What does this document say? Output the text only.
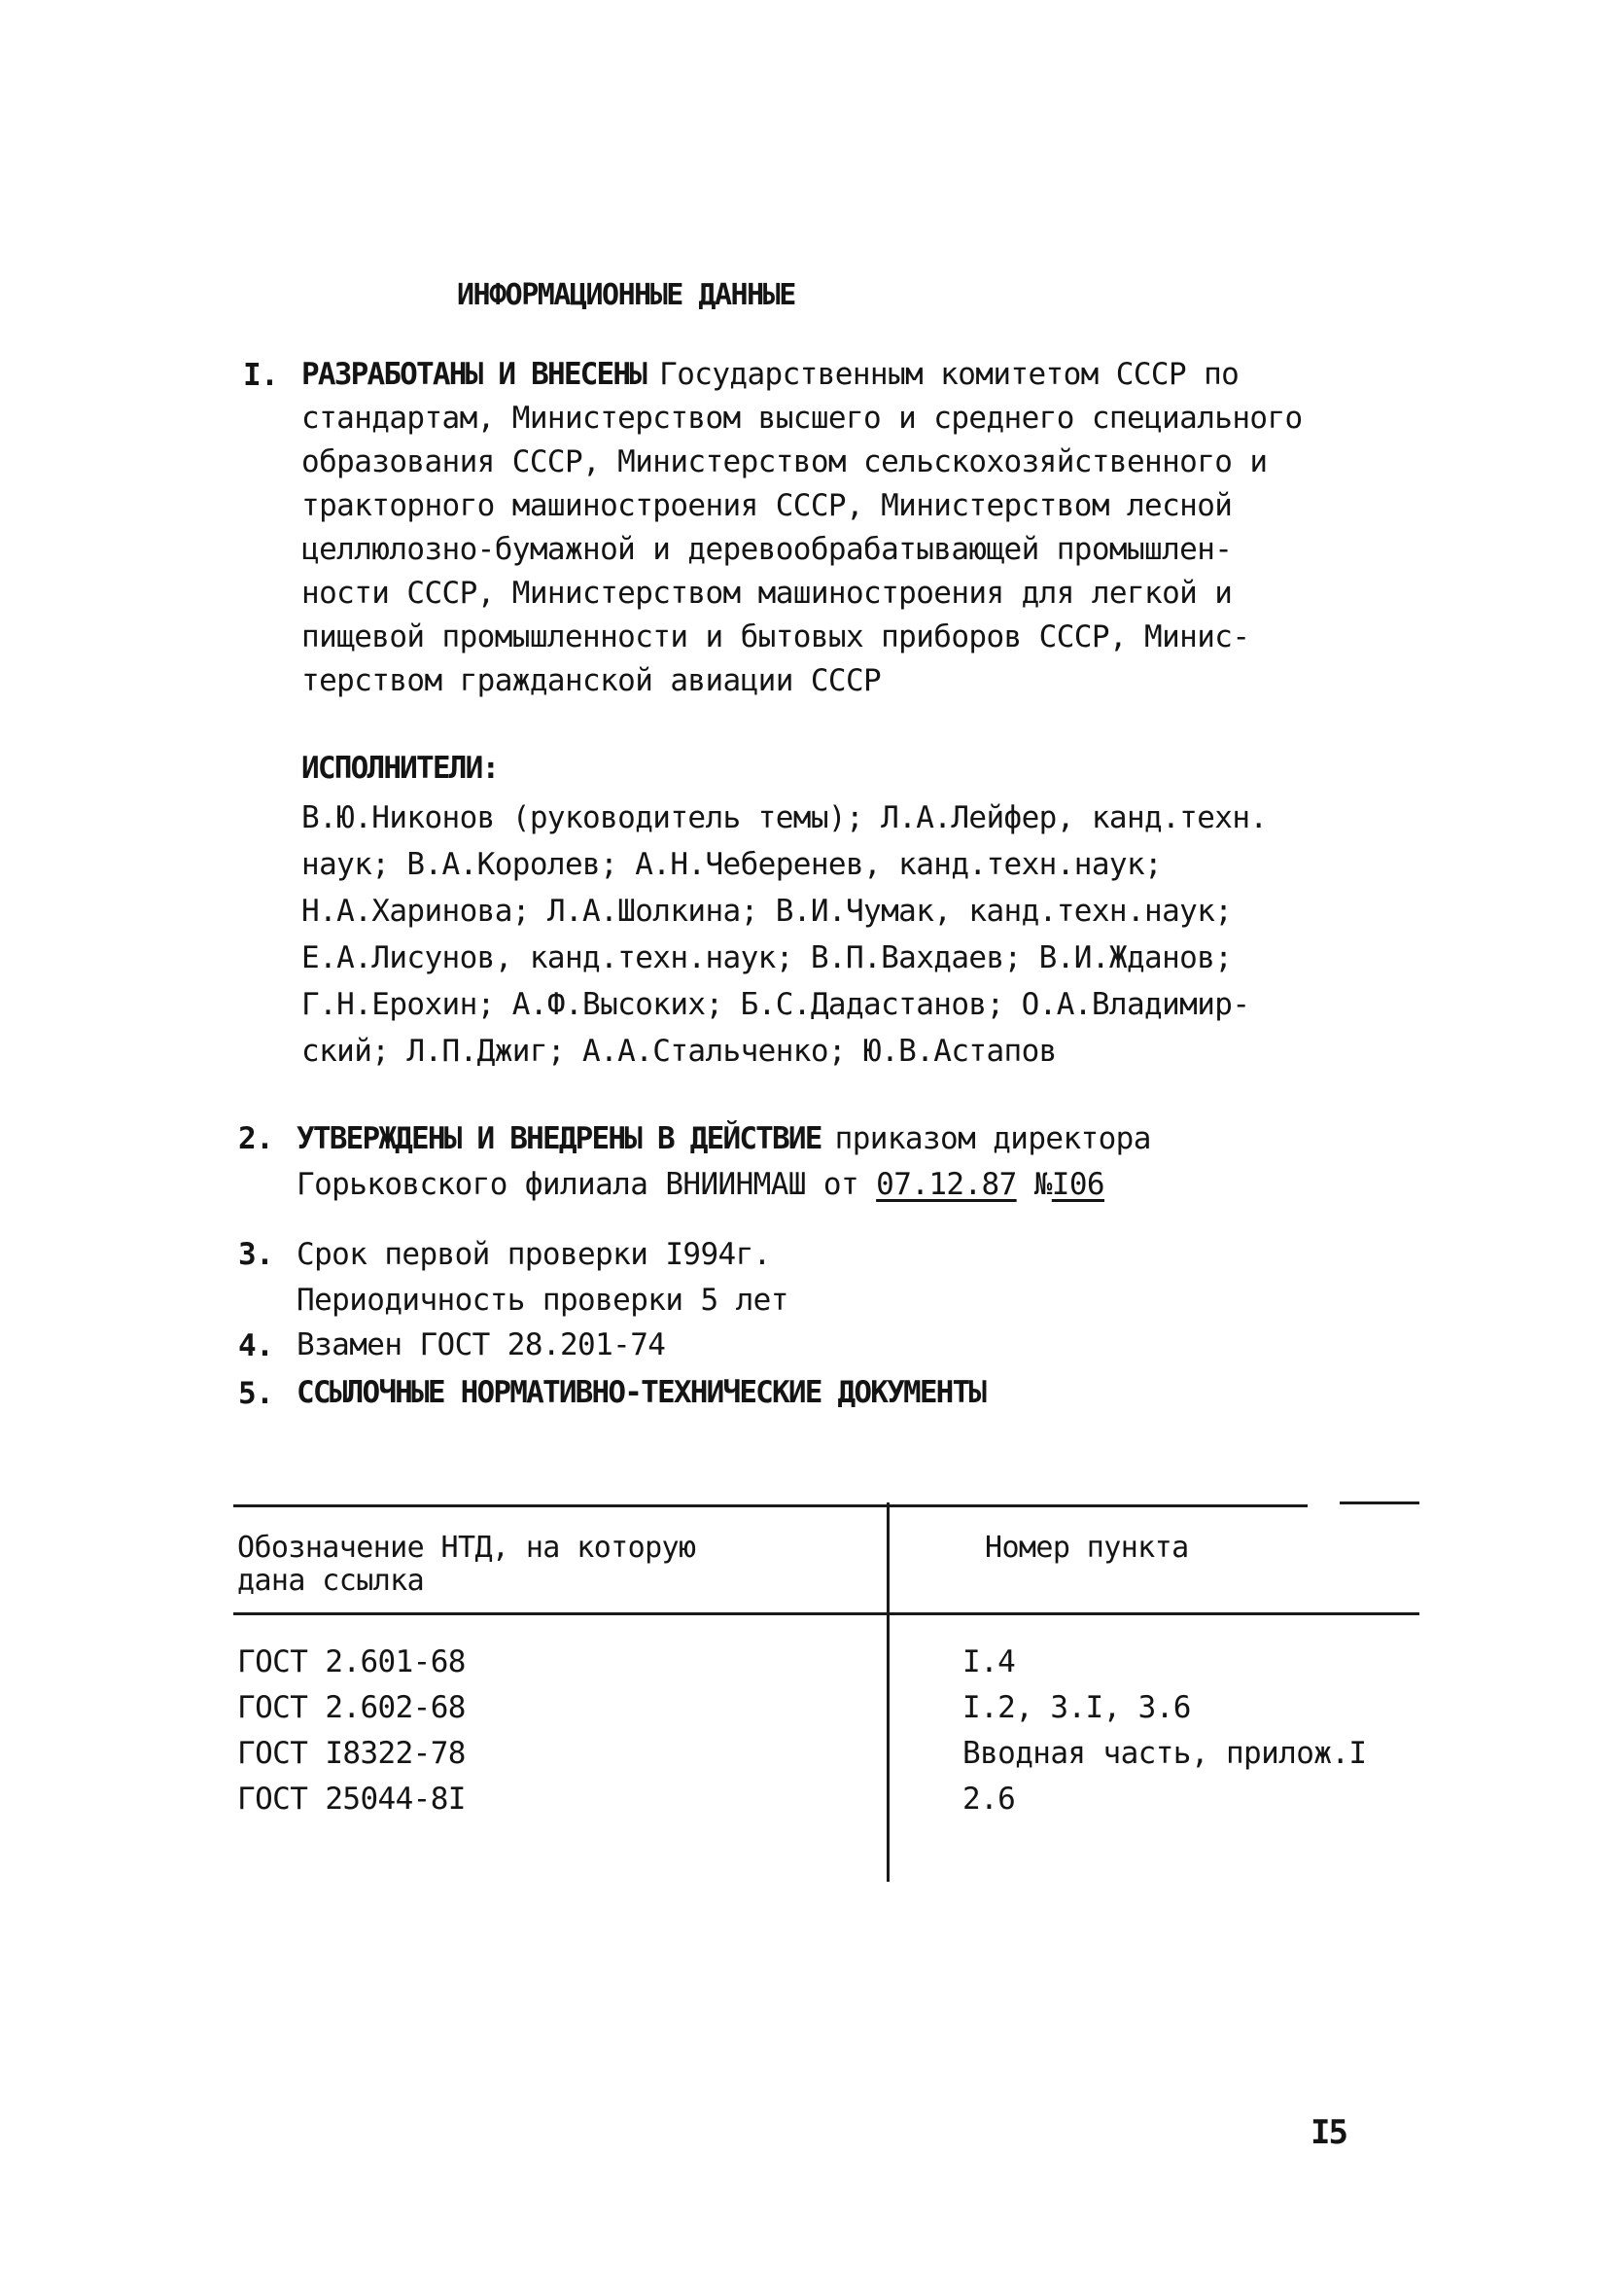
ИНФОРМАЦИОННЫЕ ДАННЫЕ
I. РАЗРАБОТАНЫ И ВНЕСЕНЫ Государственным комитетом СССР по
стандартам, Министерством высшего и среднего специального
образования СССР, Министерством сельскохозяйственного и
тракторного машиностроения СССР, Министерством лесной
целлюлозно-бумажной и деревообрабатывающей промышлен-
ности СССР, Министерством машиностроения для легкой и
пищевой промышленности и бытовых приборов СССР, Минис-
терством гражданской авиации СССР
ИСПОЛНИТЕЛИ:
В.Ю.Никонов (руководитель темы); Л.А.Лейфер, канд.техн.
наук; В.А.Королев; А.Н.Чеберенев, канд.техн.наук;
Н.А.Харинова; Л.А.Шолкина; В.И.Чумак, канд.техн.наук;
Е.А.Лисунов, канд.техн.наук; В.П.Вахдаев; В.И.Жданов;
Г.Н.Ерохин; А.Ф.Высоких; Б.С.Дадастанов; О.А.Владимир-
ский; Л.П.Джиг; А.А.Стальченко; Ю.В.Астапов
2. УТВЕРЖДЕНЫ И ВНЕДРЕНЫ В ДЕЙСТВИЕ приказом директора
Горьковского филиала ВНИИНМАШ от 07.12.87 №I06
3. Срок первой проверки I994г.
Периодичность проверки 5 лет
4. Взамен ГОСТ 28.201-74
5. ССЫЛОЧНЫЕ НОРМАТИВНО-ТЕХНИЧЕСКИЕ ДОКУМЕНТЫ
Обозначение НТД, на которую
дана ссылка
Номер пункта
ГОСТ 2.601-68
ГОСТ 2.602-68
ГОСТ I8322-78
ГОСТ 25044-8I
I.4
I.2, 3.I, 3.6
Вводная часть, прилож.I
2.6
I5
